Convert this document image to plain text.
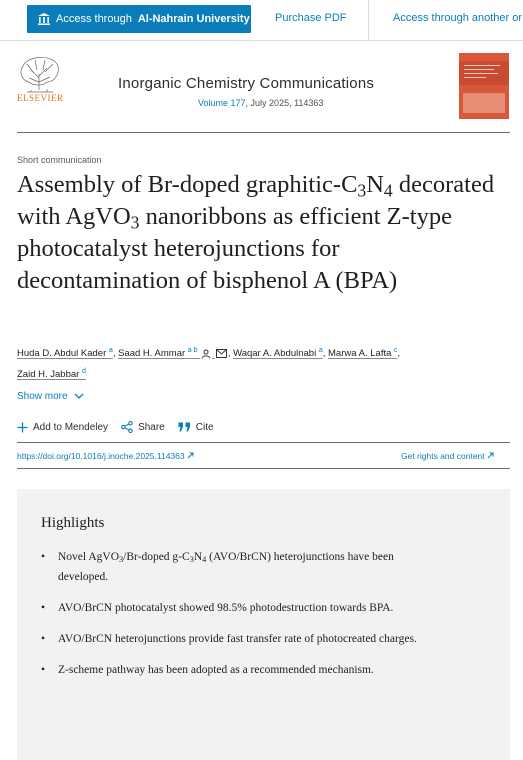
Access through Al-Nahrain University Purchase PDF	Access through another or
ELSEVIER
Inorganic Chemistry Communications
Volume 177, July 2025, 114363
Short communication
Assembly of Br-doped graphitic-$C_3N_4$ decorated with AgVO$_3$ nanoribbons as efficient Z-type photocatalyst heterojunctions for decontamination of bisphenol A (BPA)
Huda D. Abdul Kader $^a$, Saad H. Ammar $^{a b}$	, Waqar A. Abdulnabi $^a$, Marwa A. Lafta $^c$,
Zaid H. Jabbar $^d$
Show more
Add to Mendeley	Share	Cite
https://doi.org/10.1016/j.inoche.2025.114363	Get rights and content
Highlights
• Novel AgVO$_3$/Br-doped $g-C_3N_4$ (AVO/BrCN) heterojunctions have been developed.
• AVO/BrCN photocatalyst showed 98.5% photodestruction towards BPA.
• AVO/BrCN heterojunctions provide fast transfer rate of photocreated charges.
• Z-scheme pathway has been adopted as a recommended mechanism.
